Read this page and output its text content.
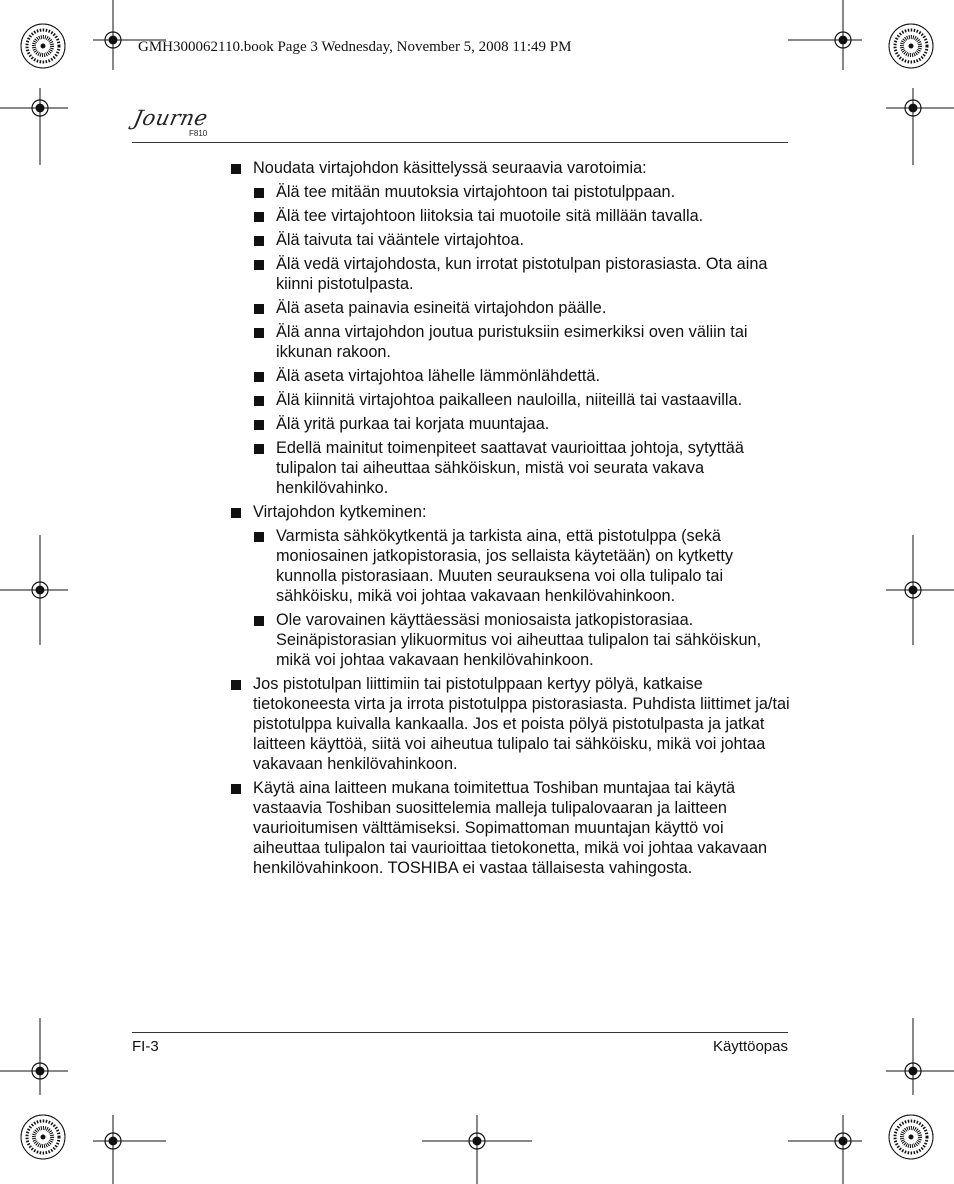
GMH300062110.book Page 3 Wednesday, November 5, 2008 11:49 PM
Journe
F810
Noudata virtajohdon käsittelyssä seuraavia varotoimia:
Älä tee mitään muutoksia virtajohtoon tai pistotulppaan.
Älä tee virtajohtoon liitoksia tai muotoile sitä millään tavalla.
Älä taivuta tai vääntele virtajohtoa.
Älä vedä virtajohdosta, kun irrotat pistotulpan pistorasiasta. Ota aina kiinni pistotulpasta.
Älä aseta painavia esineitä virtajohdon päälle.
Älä anna virtajohdon joutua puristuksiin esimerkiksi oven väliin tai ikkunan rakoon.
Älä aseta virtajohtoa lähelle lämmönlähdettä.
Älä kiinnitä virtajohtoa paikalleen nauloilla, niiteillä tai vastaavilla.
Älä yritä purkaa tai korjata muuntajaa.
Edellä mainitut toimenpiteet saattavat vaurioittaa johtoja, sytyttää tulipalon tai aiheuttaa sähköiskun, mistä voi seurata vakava henkilövahinko.
Virtajohdon kytkeminen:
Varmista sähkökytkentä ja tarkista aina, että pistotulppa (sekä moniosainen jatkopistorasia, jos sellaista käytetään) on kytketty kunnolla pistorasiaan. Muuten seurauksena voi olla tulipalo tai sähköisku, mikä voi johtaa vakavaan henkilövahinkoon.
Ole varovainen käyttäessäsi moniosaista jatkopistorasiaa. Seinäpistorasian ylikuormitus voi aiheuttaa tulipalon tai sähköiskun, mikä voi johtaa vakavaan henkilövahinkoon.
Jos pistotulpan liittimiin tai pistotulppaan kertyy pölyä, katkaise tietokoneesta virta ja irrota pistotulppa pistorasiasta. Puhdista liittimet ja/tai pistotulppa kuivalla kankaalla. Jos et poista pölyä pistotulpasta ja jatkat laitteen käyttöä, siitä voi aiheutua tulipalo tai sähköisku, mikä voi johtaa vakavaan henkilövahinkoon.
Käytä aina laitteen mukana toimitettua Toshiban muntajaa tai käytä vastaavia Toshiban suosittelemia malleja tulipalovaaran ja laitteen vaurioitumisen välttämiseksi. Sopimattoman muuntajan käyttö voi aiheuttaa tulipalon tai vaurioittaa tietokonetta, mikä voi johtaa vakavaan henkilövahinkoon. TOSHIBA ei vastaa tällaisesta vahingosta.
FI-3	Käyttöopas
